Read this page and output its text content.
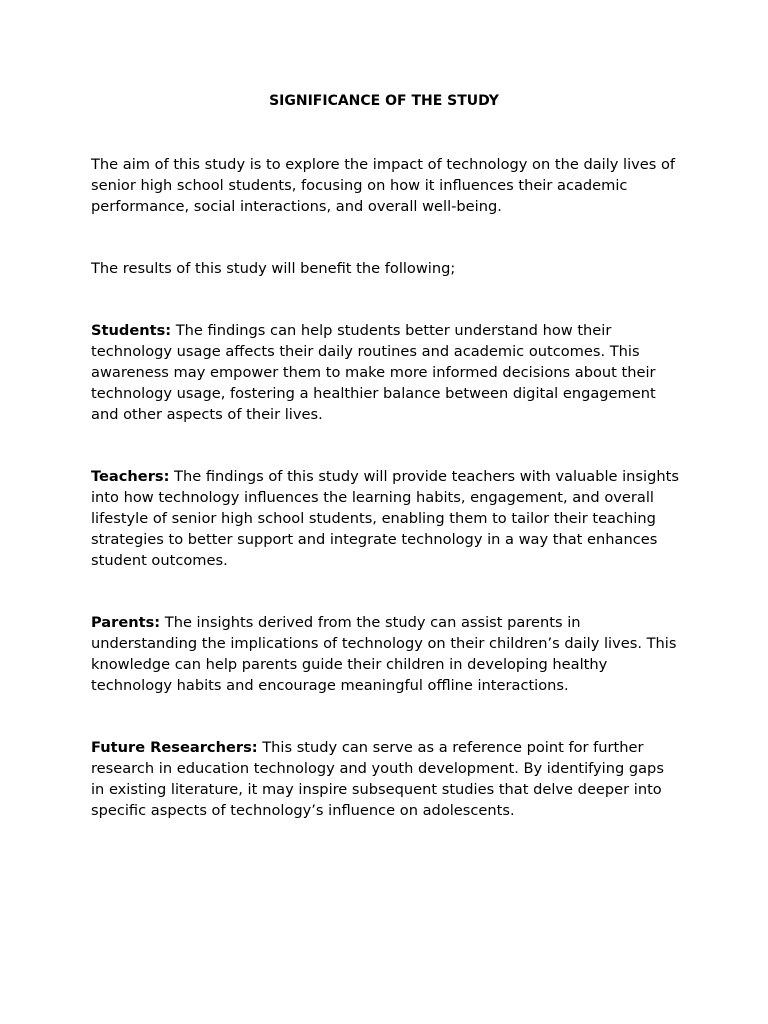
SIGNIFICANCE OF THE STUDY

The aim of this study is to explore the impact of technology on the daily lives of senior high school students, focusing on how it influences their academic performance, social interactions, and overall well-being.

The results of this study will benefit the following;

Students: The findings can help students better understand how their technology usage affects their daily routines and academic outcomes. This awareness may empower them to make more informed decisions about their technology usage, fostering a healthier balance between digital engagement and other aspects of their lives.

Teachers: The findings of this study will provide teachers with valuable insights into how technology influences the learning habits, engagement, and overall lifestyle of senior high school students, enabling them to tailor their teaching strategies to better support and integrate technology in a way that enhances student outcomes.

Parents: The insights derived from the study can assist parents in understanding the implications of technology on their children’s daily lives. This knowledge can help parents guide their children in developing healthy technology habits and encourage meaningful offline interactions.

Future Researchers: This study can serve as a reference point for further research in education technology and youth development. By identifying gaps in existing literature, it may inspire subsequent studies that delve deeper into specific aspects of technology’s influence on adolescents.
